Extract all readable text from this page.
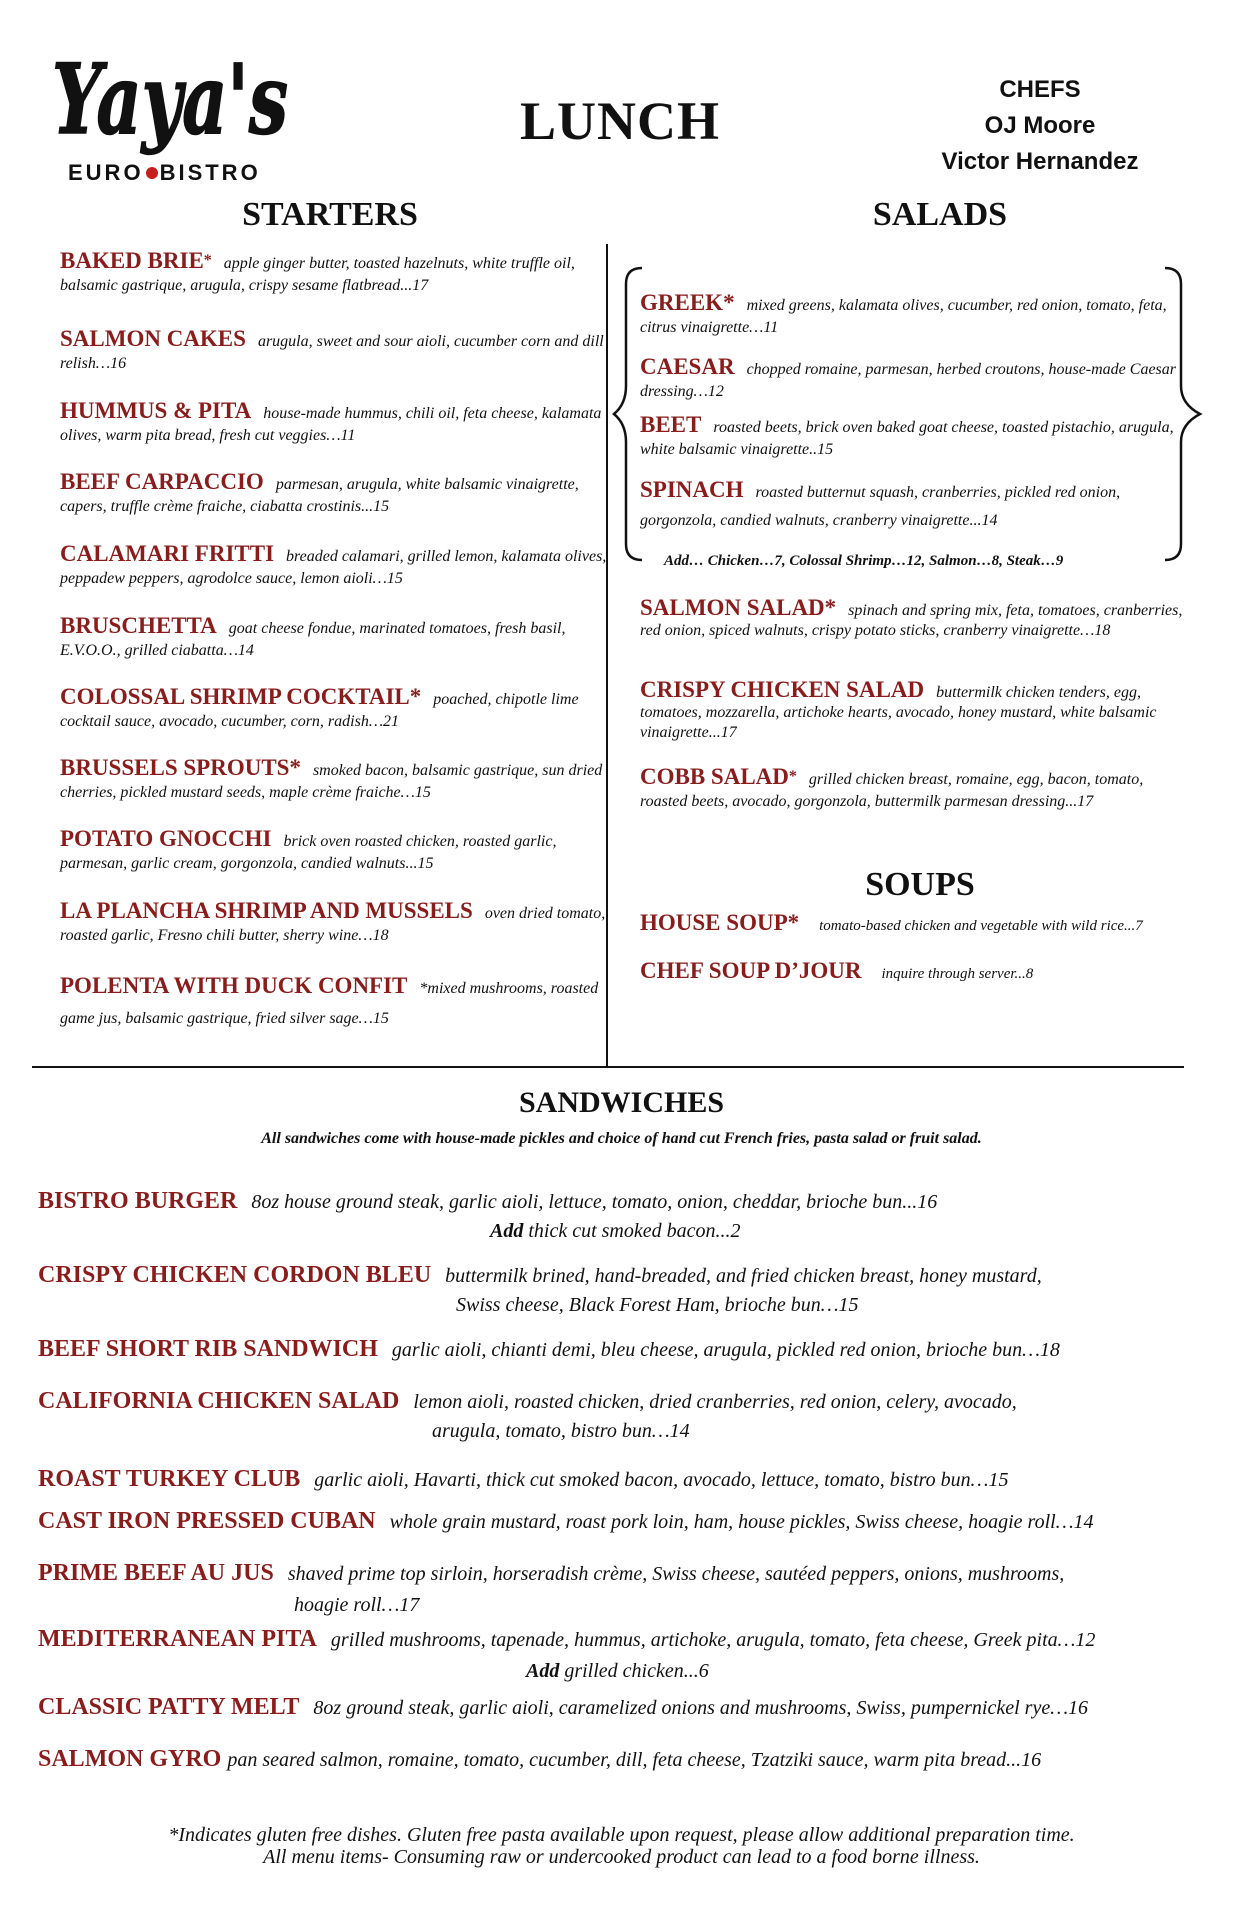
Yaya's
EURO BISTRO
LUNCH
CHEFS
OJ Moore
Victor Hernandez
STARTERS	SALADS
BAKED BRIE* apple ginger butter, toasted hazelnuts, white truffle oil, balsamic gastrique, arugula, crispy sesame flatbread...17
SALMON CAKES arugula, sweet and sour aioli, cucumber corn and dill relish…16
HUMMUS & PITA house-made hummus, chili oil, feta cheese, kalamata olives, warm pita bread, fresh cut veggies…11
BEEF CARPACCIO parmesan, arugula, white balsamic vinaigrette, capers, truffle crème fraiche, ciabatta crostinis...15
CALAMARI FRITTI breaded calamari, grilled lemon, kalamata olives, peppadew peppers, agrodolce sauce, lemon aioli…15
BRUSCHETTA goat cheese fondue, marinated tomatoes, fresh basil, E.V.O.O., grilled ciabatta…14
COLOSSAL SHRIMP COCKTAIL* poached, chipotle lime cocktail sauce, avocado, cucumber, corn, radish…21
BRUSSELS SPROUTS* smoked bacon, balsamic gastrique, sun dried cherries, pickled mustard seeds, maple crème fraiche…15
POTATO GNOCCHI brick oven roasted chicken, roasted garlic, parmesan, garlic cream, gorgonzola, candied walnuts...15
LA PLANCHA SHRIMP AND MUSSELS oven dried tomato, roasted garlic, Fresno chili butter, sherry wine…18
POLENTA WITH DUCK CONFIT *mixed mushrooms, roasted game jus, balsamic gastrique, fried silver sage…15
GREEK* mixed greens, kalamata olives, cucumber, red onion, tomato, feta, citrus vinaigrette…11
CAESAR chopped romaine, parmesan, herbed croutons, house-made Caesar dressing…12
BEET roasted beets, brick oven baked goat cheese, toasted pistachio, arugula, white balsamic vinaigrette..15
SPINACH roasted butternut squash, cranberries, pickled red onion, gorgonzola, candied walnuts, cranberry vinaigrette...14
Add… Chicken…7, Colossal Shrimp…12, Salmon…8, Steak…9
SALMON SALAD* spinach and spring mix, feta, tomatoes, cranberries, red onion, spiced walnuts, crispy potato sticks, cranberry vinaigrette…18
CRISPY CHICKEN SALAD buttermilk chicken tenders, egg, tomatoes, mozzarella, artichoke hearts, avocado, honey mustard, white balsamic vinaigrette...17
COBB SALAD* grilled chicken breast, romaine, egg, bacon, tomato, roasted beets, avocado, gorgonzola, buttermilk parmesan dressing...17
SOUPS
HOUSE SOUP* tomato-based chicken and vegetable with wild rice...7
CHEF SOUP D’JOUR inquire through server...8
SANDWICHES
All sandwiches come with house-made pickles and choice of hand cut French fries, pasta salad or fruit salad.
BISTRO BURGER 8oz house ground steak, garlic aioli, lettuce, tomato, onion, cheddar, brioche bun...16
Add thick cut smoked bacon...2
CRISPY CHICKEN CORDON BLEU buttermilk brined, hand-breaded, and fried chicken breast, honey mustard,
Swiss cheese, Black Forest Ham, brioche bun…15
BEEF SHORT RIB SANDWICH garlic aioli, chianti demi, bleu cheese, arugula, pickled red onion, brioche bun…18
CALIFORNIA CHICKEN SALAD lemon aioli, roasted chicken, dried cranberries, red onion, celery, avocado,
arugula, tomato, bistro bun…14
ROAST TURKEY CLUB garlic aioli, Havarti, thick cut smoked bacon, avocado, lettuce, tomato, bistro bun…15
CAST IRON PRESSED CUBAN whole grain mustard, roast pork loin, ham, house pickles, Swiss cheese, hoagie roll…14
PRIME BEEF AU JUS shaved prime top sirloin, horseradish crème, Swiss cheese, sautéed peppers, onions, mushrooms,
hoagie roll…17
MEDITERRANEAN PITA grilled mushrooms, tapenade, hummus, artichoke, arugula, tomato, feta cheese, Greek pita…12
Add grilled chicken...6
CLASSIC PATTY MELT 8oz ground steak, garlic aioli, caramelized onions and mushrooms, Swiss, pumpernickel rye…16
SALMON GYRO pan seared salmon, romaine, tomato, cucumber, dill, feta cheese, Tzatziki sauce, warm pita bread...16
*Indicates gluten free dishes. Gluten free pasta available upon request, please allow additional preparation time.
All menu items- Consuming raw or undercooked product can lead to a food borne illness.
